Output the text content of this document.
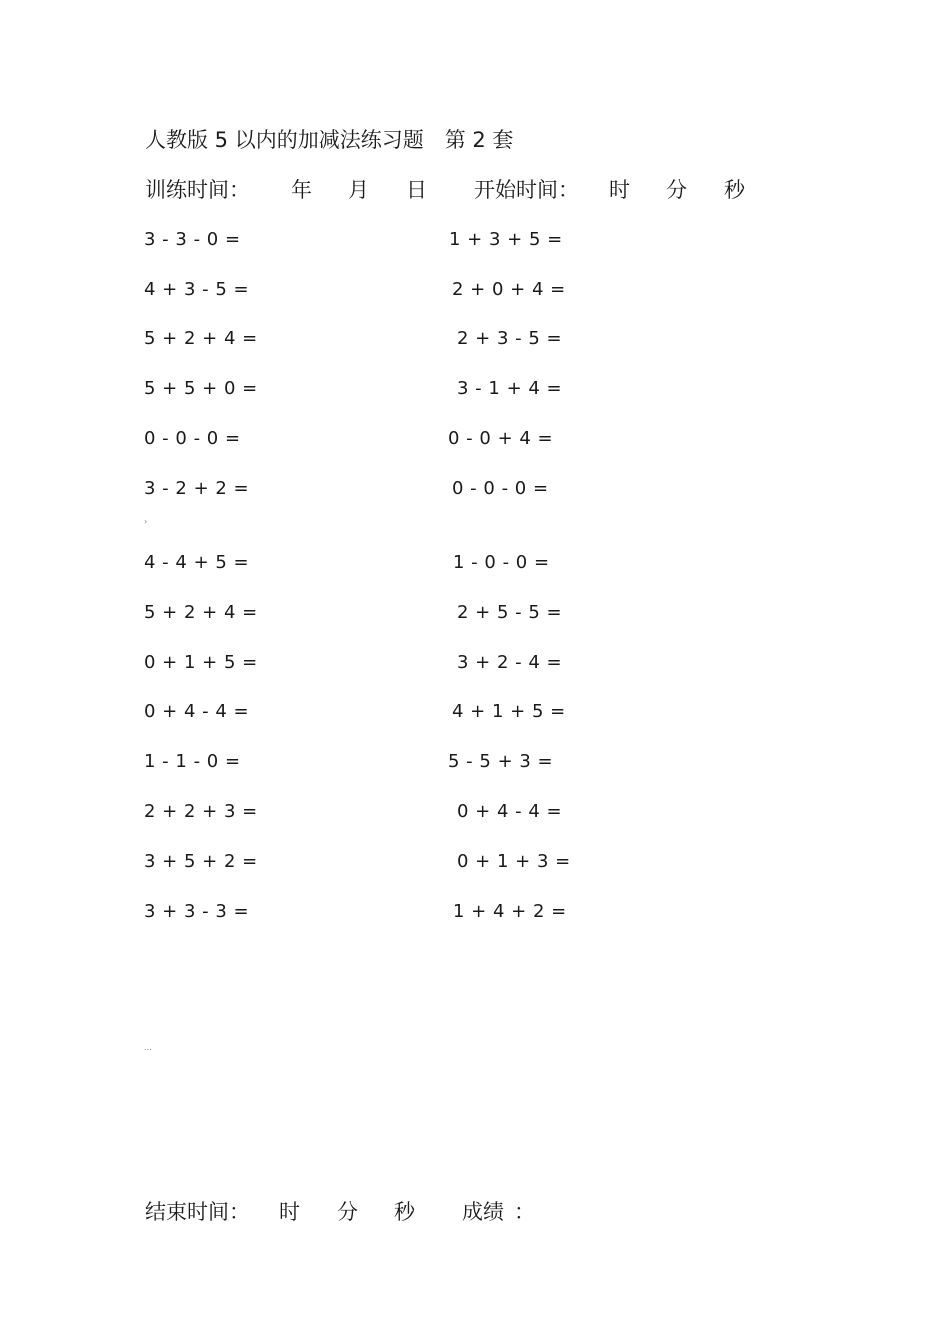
人教版 5 以内的加减法练习题　第 2 套
训练时间： 年 月 日 开始时间： 时 分 秒
3 - 3 - 0 =
4 + 3 - 5 =
5 + 2 + 4 =
5 + 5 + 0 =
0 - 0 - 0 =
3 - 2 + 2 =
4 - 4 + 5 =
5 + 2 + 4 =
0 + 1 + 5 =
0 + 4 - 4 =
1 - 1 - 0 =
2 + 2 + 3 =
3 + 5 + 2 =
3 + 3 - 3 =
1 + 3 + 5 =
2 + 0 + 4 =
2 + 3 - 5 =
3 - 1 + 4 =
0 - 0 + 4 =
0 - 0 - 0 =
1 - 0 - 0 =
2 + 5 - 5 =
3 + 2 - 4 =
4 + 1 + 5 =
5 - 5 + 3 =
0 + 4 - 4 =
0 + 1 + 3 =
1 + 4 + 2 =
›
...
结束时间： 时 分 秒 成绩 ：
